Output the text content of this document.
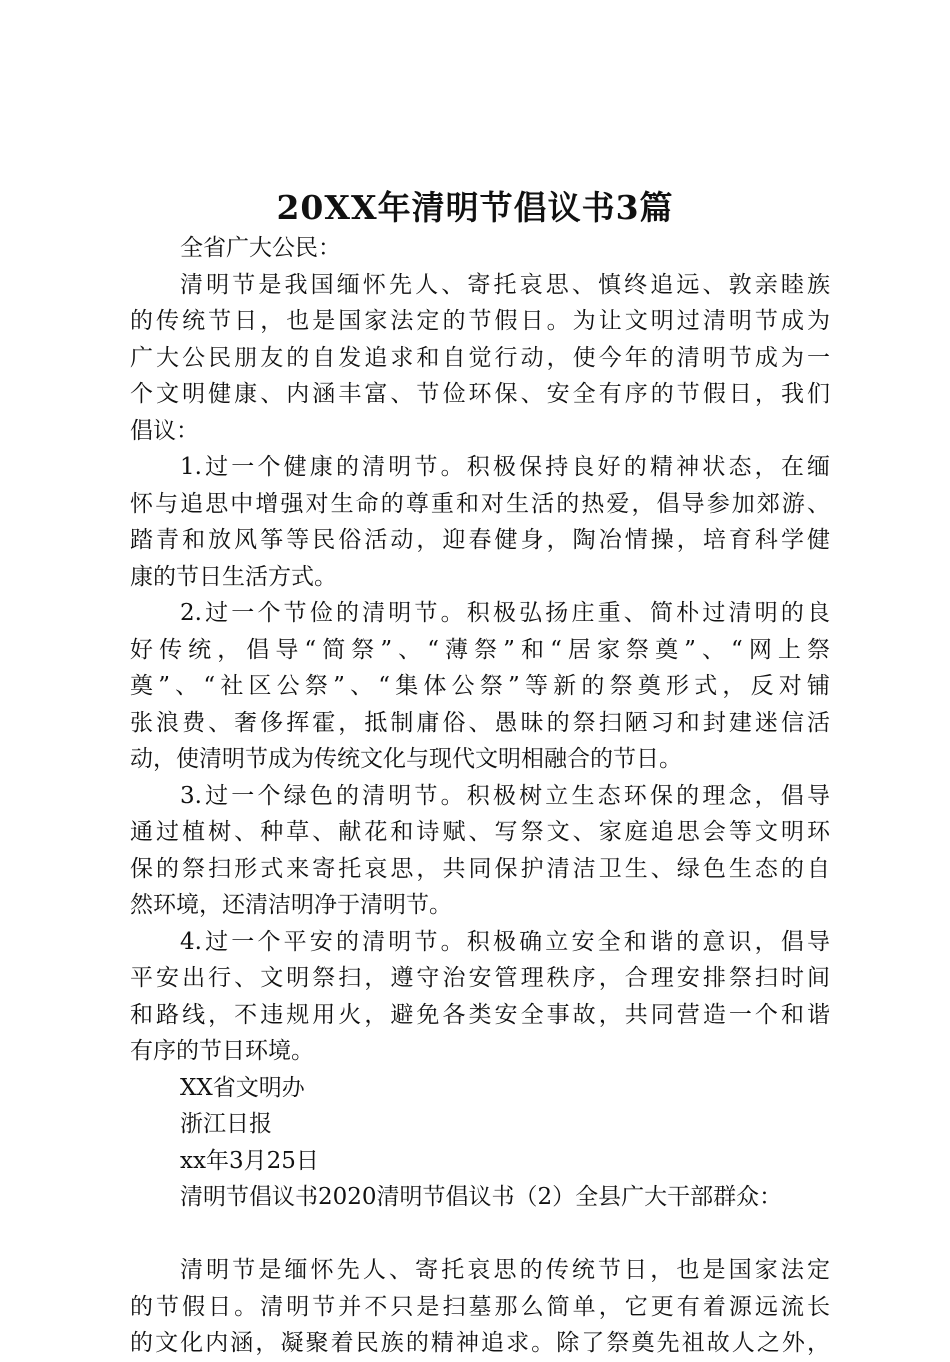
20XX年清明节倡议书3篇
全省广大公民：
清明节是我国缅怀先人、寄托哀思、慎终追远、敦亲睦族
的传统节日，也是国家法定的节假日。为让文明过清明节成为
广大公民朋友的自发追求和自觉行动，使今年的清明节成为一
个文明健康、内涵丰富、节俭环保、安全有序的节假日，我们
倡议：
1.过一个健康的清明节。积极保持良好的精神状态，在缅
怀与追思中增强对生命的尊重和对生活的热爱，倡导参加郊游、
踏青和放风筝等民俗活动，迎春健身，陶冶情操，培育科学健
康的节日生活方式。
2.过一个节俭的清明节。积极弘扬庄重、简朴过清明的良
好传统，倡导“简祭”、“薄祭”和“居家祭奠”、“网上祭
奠”、“社区公祭”、“集体公祭”等新的祭奠形式，反对铺
张浪费、奢侈挥霍，抵制庸俗、愚昧的祭扫陋习和封建迷信活
动，使清明节成为传统文化与现代文明相融合的节日。
3.过一个绿色的清明节。积极树立生态环保的理念，倡导
通过植树、种草、献花和诗赋、写祭文、家庭追思会等文明环
保的祭扫形式来寄托哀思，共同保护清洁卫生、绿色生态的自
然环境，还清洁明净于清明节。
4.过一个平安的清明节。积极确立安全和谐的意识，倡导
平安出行、文明祭扫，遵守治安管理秩序，合理安排祭扫时间
和路线，不违规用火，避免各类安全事故，共同营造一个和谐
有序的节日环境。
XX省文明办
浙江日报
xx年3月25日
清明节倡议书2020清明节倡议书（2）全县广大干部群众：
清明节是缅怀先人、寄托哀思的传统节日，也是国家法定
的节假日。清明节并不只是扫墓那么简单，它更有着源远流长
的文化内涵，凝聚着民族的精神追求。除了祭奠先祖故人之外，
